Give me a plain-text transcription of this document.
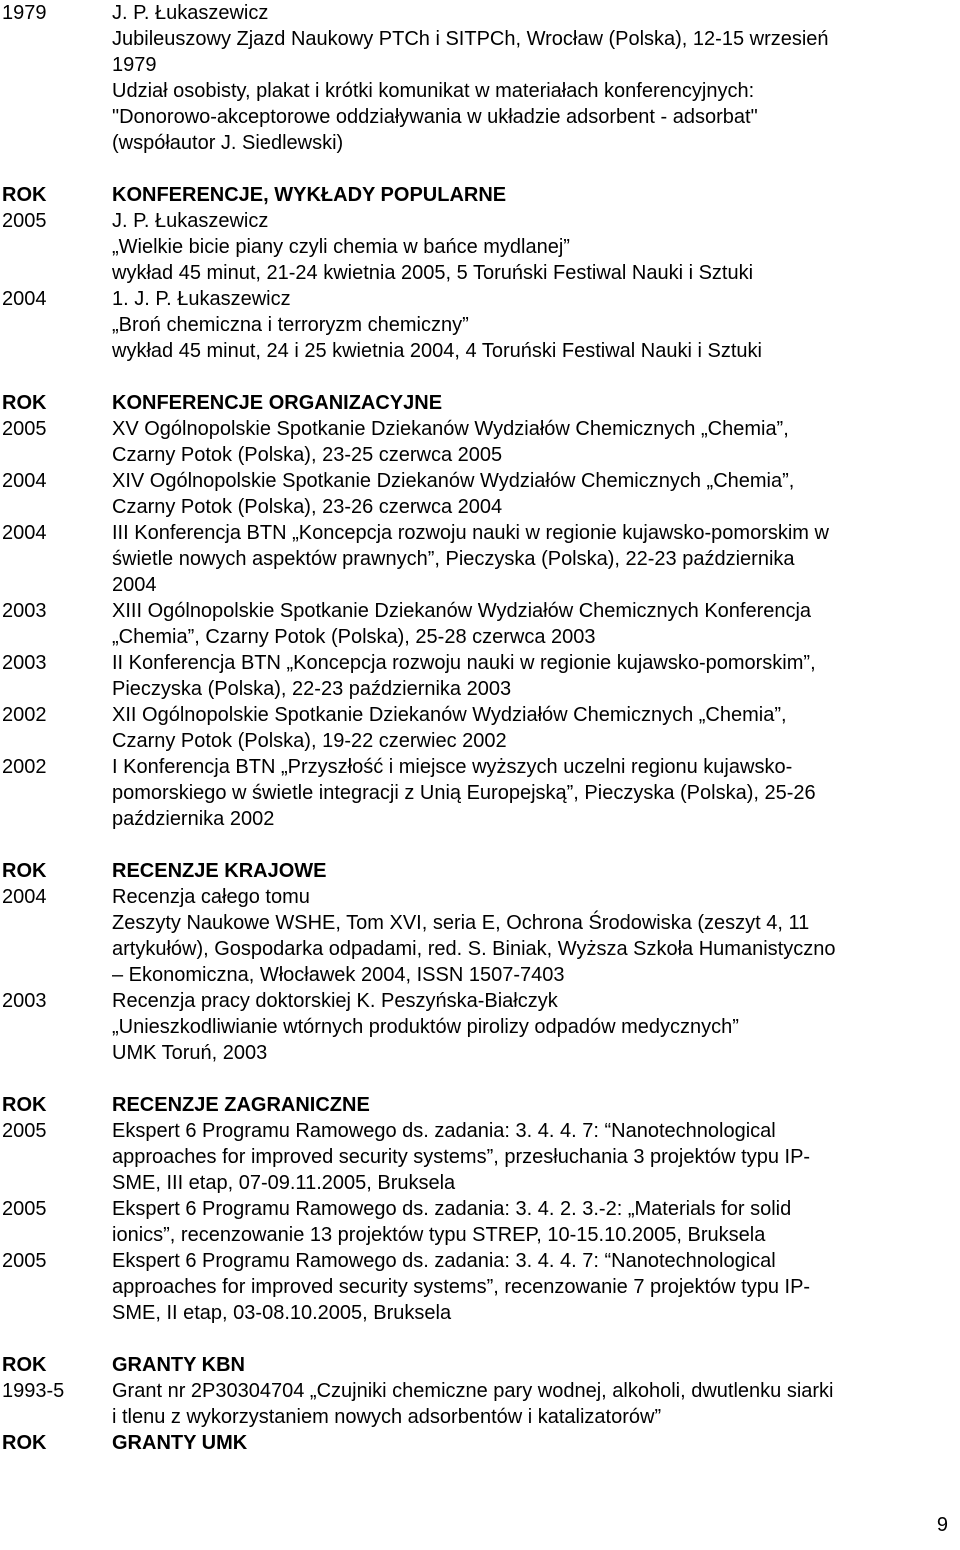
1979	J. P. Łukaszewicz
Jubileuszowy Zjazd Naukowy PTCh i SITPCh, Wrocław (Polska), 12-15 wrzesień
1979
Udział osobisty, plakat i krótki komunikat w materiałach konferencyjnych:
"Donorowo-akceptorowe oddziaływania w układzie adsorbent - adsorbat"
(współautor J. Siedlewski)
ROK	KONFERENCJE, WYKŁADY POPULARNE
2005	J. P. Łukaszewicz
„Wielkie bicie piany czyli chemia w bańce mydlanej”
wykład 45 minut, 21-24 kwietnia 2005, 5 Toruński Festiwal Nauki i Sztuki
2004	1. J. P. Łukaszewicz
„Broń chemiczna i terroryzm chemiczny”
wykład 45 minut, 24 i 25 kwietnia 2004, 4 Toruński Festiwal Nauki i Sztuki
ROK	KONFERENCJE ORGANIZACYJNE
2005	XV Ogólnopolskie Spotkanie Dziekanów Wydziałów Chemicznych „Chemia”,
Czarny Potok (Polska), 23-25 czerwca 2005
2004	XIV Ogólnopolskie Spotkanie Dziekanów Wydziałów Chemicznych „Chemia”,
Czarny Potok (Polska), 23-26 czerwca 2004
2004	III Konferencja BTN „Koncepcja rozwoju nauki w regionie kujawsko-pomorskim w
świetle nowych aspektów prawnych”, Pieczyska (Polska), 22-23 października
2004
2003	XIII Ogólnopolskie Spotkanie Dziekanów Wydziałów Chemicznych Konferencja
„Chemia”, Czarny Potok (Polska), 25-28 czerwca 2003
2003	II Konferencja BTN „Koncepcja rozwoju nauki w regionie kujawsko-pomorskim”,
Pieczyska (Polska), 22-23 października 2003
2002	XII Ogólnopolskie Spotkanie Dziekanów Wydziałów Chemicznych „Chemia”,
Czarny Potok (Polska), 19-22 czerwiec 2002
2002	I Konferencja BTN „Przyszłość i miejsce wyższych uczelni regionu kujawsko-
pomorskiego w świetle integracji z Unią Europejską”, Pieczyska (Polska), 25-26
października 2002
ROK	RECENZJE KRAJOWE
2004	Recenzja całego tomu
Zeszyty Naukowe WSHE, Tom XVI, seria E, Ochrona Środowiska (zeszyt 4, 11
artykułów), Gospodarka odpadami, red. S. Biniak, Wyższa Szkoła Humanistyczno
– Ekonomiczna, Włocławek 2004, ISSN 1507-7403
2003	Recenzja pracy doktorskiej K. Peszyńska-Białczyk
„Unieszkodliwianie wtórnych produktów pirolizy odpadów medycznych”
UMK Toruń, 2003
ROK	RECENZJE ZAGRANICZNE
2005	Ekspert 6 Programu Ramowego ds. zadania: 3. 4. 4. 7: “Nanotechnological
approaches for improved security systems”, przesłuchania 3 projektów typu IP-
SME, III etap, 07-09.11.2005, Bruksela
2005	Ekspert 6 Programu Ramowego ds. zadania: 3. 4. 2. 3.-2: „Materials for solid
ionics”, recenzowanie 13 projektów typu STREP, 10-15.10.2005, Bruksela
2005	Ekspert 6 Programu Ramowego ds. zadania: 3. 4. 4. 7: “Nanotechnological
approaches for improved security systems”, recenzowanie 7 projektów typu IP-
SME, II etap, 03-08.10.2005, Bruksela
ROK	GRANTY KBN
1993-5	Grant nr 2P30304704 „Czujniki chemiczne pary wodnej, alkoholi, dwutlenku siarki
i tlenu z wykorzystaniem nowych adsorbentów i katalizatorów”
ROK	GRANTY UMK
9
